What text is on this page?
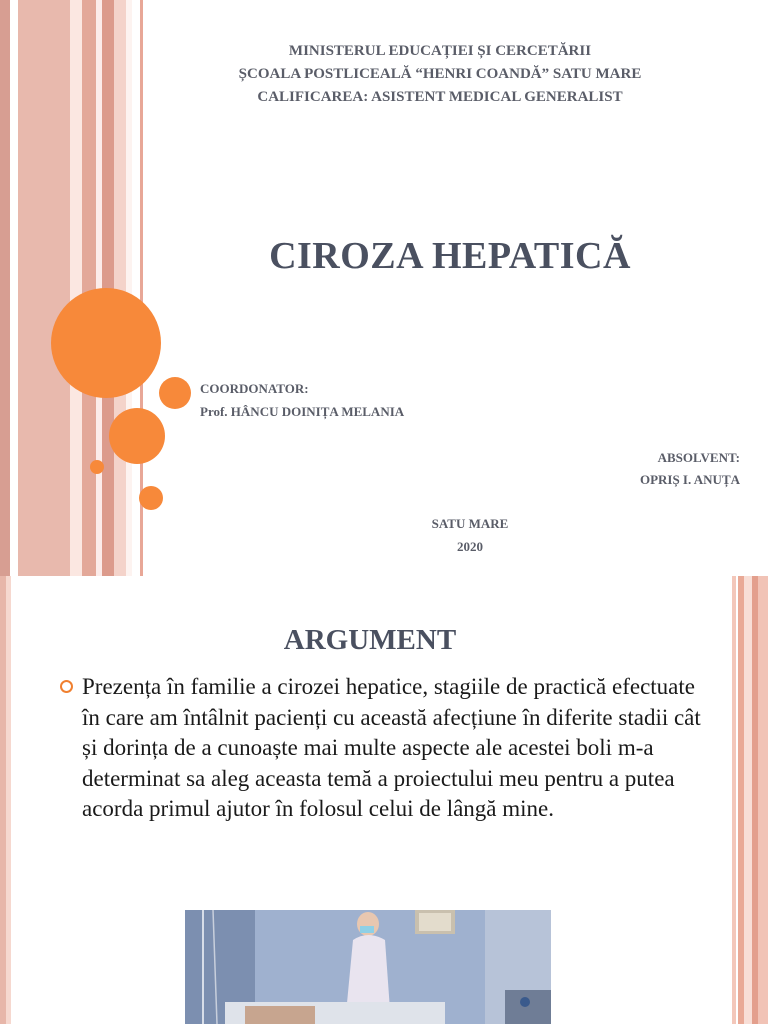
MINISTERUL EDUCAȚIEI ȘI CERCETĂRII
ȘCOALA POSTLICEALĂ “HENRI COANDĂ” SATU MARE
CALIFICAREA: ASISTENT MEDICAL GENERALIST
CIROZA HEPATICĂ
COORDONATOR:
Prof. HÂNCU DOINIȚA MELANIA
ABSOLVENT:
OPRIȘ I. ANUȚA
SATU MARE
2020
ARGUMENT
Prezența în familie a cirozei hepatice, stagiile de practică efectuate în care am întâlnit pacienți cu această afecțiune în diferite stadii cât și dorința de a cunoaște mai multe aspecte ale acestei boli m-a determinat sa aleg aceasta temă a proiectului meu pentru a putea acorda primul ajutor în folosul celui de lângă mine.
